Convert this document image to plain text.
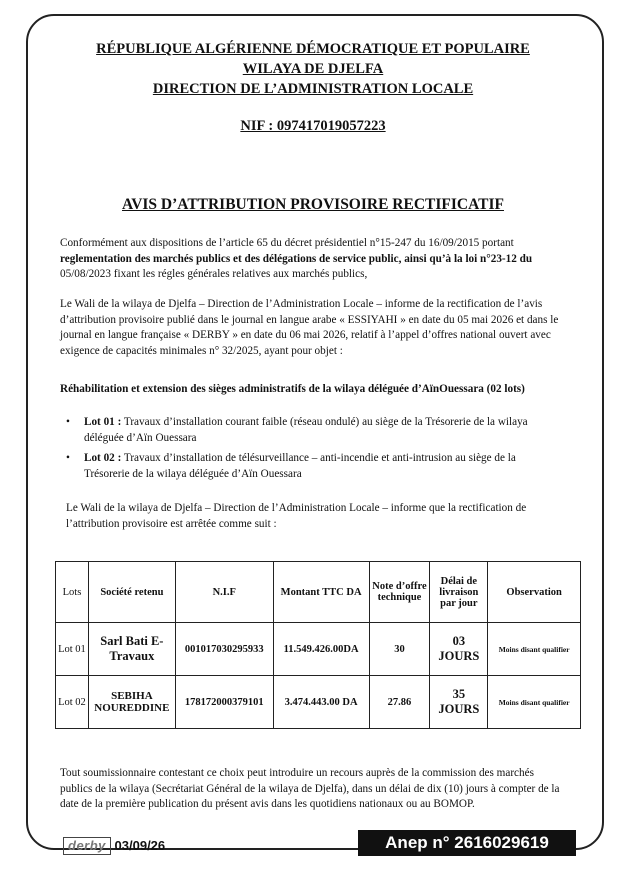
RÉPUBLIQUE ALGÉRIENNE DÉMOCRATIQUE ET POPULAIRE
WILAYA DE DJELFA
DIRECTION DE L’ADMINISTRATION LOCALE
NIF : 097417019057223
AVIS D’ATTRIBUTION PROVISOIRE RECTIFICATIF
Conformément aux dispositions de l’article 65 du décret présidentiel n°15-247 du 16/09/2015 portant reglementation des marchés publics et des délégations de service public, ainsi qu’à la loi n°23-12 du 05/08/2023 fixant les régles générales relatives aux marchés publics,
Le Wali de la wilaya de Djelfa – Direction de l’Administration Locale – informe de la rectification de l’avis d’attribution provisoire publié dans le journal en langue arabe « ESSIYAHI » en date du 05 mai 2026 et dans le journal en langue française « DERBY » en date du 06 mai 2026, relatif à l’appel d’offres national ouvert avec exigence de capacités minimales n° 32/2025, ayant pour objet :
Réhabilitation et extension des sièges administratifs de la wilaya déléguée d’AïnOuessara (02 lots)
• Lot 01 : Travaux d’installation courant faible (réseau ondulé) au siège de la Trésorerie de la wilaya déléguée d’Aïn Ouessara
• Lot 02 : Travaux d’installation de télésurveillance – anti-incendie et anti-intrusion au siège de la Trésorerie de la wilaya déléguée d’Aïn Ouessara
Le Wali de la wilaya de Djelfa – Direction de l’Administration Locale – informe que la rectification de l’attribution provisoire est arrêtée comme suit :
Lots	Société retenu	N.I.F	Montant TTC DA	Note d’offre technique	Délai de livraison par jour	Observation
Lot 01	Sarl Bati E-Travaux	001017030295933	11.549.426.00DA	30	03 JOURS	Moins disant qualifier
Lot 02	SEBIHA NOUREDDINE	178172000379101	3.474.443.00 DA	27.86	35 JOURS	Moins disant qualifier
Tout soumissionnaire contestant ce choix peut introduire un recours auprès de la commission des marchés publics de la wilaya (Secrétariat Général de la wilaya de Djelfa), dans un délai de dix (10) jours à compter de la date de la première publication du présent avis dans les quotidiens nationaux ou au BOMOP.
derby 03/09/26	Anep n° 2616029619
